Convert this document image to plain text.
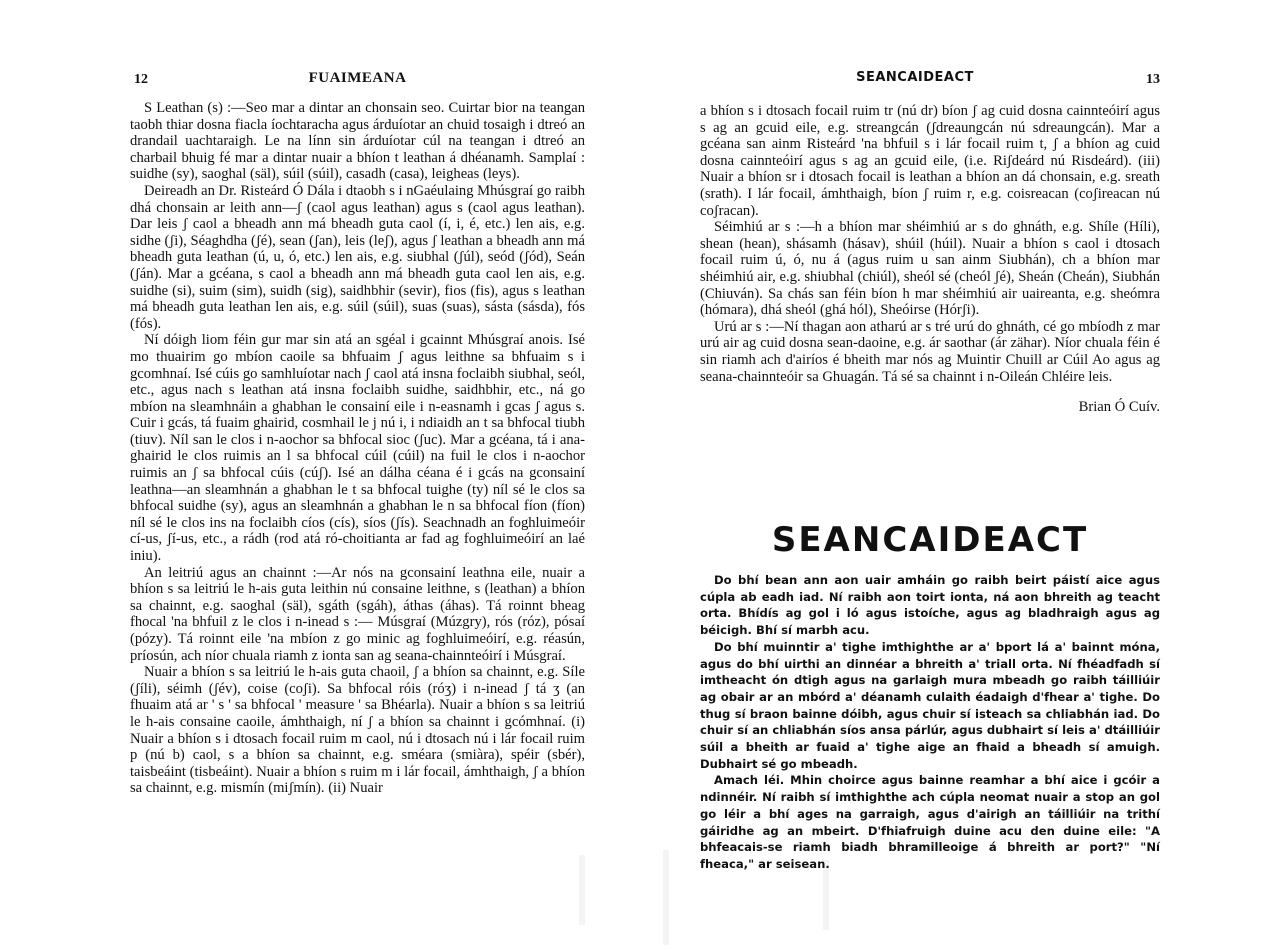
12	FUAIMEANA

S Leathan (s) :—Seo mar a dintar an chonsain seo. Cuirtar bior na teangan taobh thiar dosna fiacla íochtaracha agus árduíotar an chuid tosaigh i dtreó an drandail uachtaraigh. Le na línn sin árduíotar cúl na teangan i dtreó an charbail bhuig fé mar a dintar nuair a bhíon t leathan á dhéanamh. Samplaí : suidhe (sy), saoghal (säl), súil (súil), casadh (casa), leigheas (leys).

Deireadh an Dr. Risteárd Ó Dála i dtaobh s i nGaéulaing Mhúsgraí go raibh dhá chonsain ar leith ann—ʃ (caol agus leathan) agus s (caol agus leathan). Dar leis ʃ caol a bheadh ann má bheadh guta caol (í, i, é, etc.) len ais, e.g. sidhe (ʃi), Séaghdha (ʃé), sean (ʃan), leis (leʃ), agus ʃ leathan a bheadh ann má bheadh guta leathan (ú, u, ó, etc.) len ais, e.g. siubhal (ʃúl), seód (ʃód), Seán (ʃán). Mar a gcéana, s caol a bheadh ann má bheadh guta caol len ais, e.g. suidhe (si), suim (sim), suidh (sig), saidhbhir (sevir), fios (fis), agus s leathan má bheadh guta leathan len ais, e.g. súil (súil), suas (suas), sásta (sásda), fós (fós).

Ní dóigh liom féin gur mar sin atá an sgéal i gcainnt Mhúsgraí anois. Isé mo thuairim go mbíon caoile sa bhfuaim ʃ agus leithne sa bhfuaim s i gcomhnaí. Isé cúis go samhluíotar nach ʃ caol atá insna foclaibh siubhal, seól, etc., agus nach s leathan atá insna foclaibh suidhe, saidhbhir, etc., ná go mbíon na sleamhnáin a ghabhan le consainí eile i n-easnamh i gcas ʃ agus s. Cuir i gcás, tá fuaim ghairid, cosmhail le j nú i, i ndiaidh an t sa bhfocal tiubh (tiuv). Níl san le clos i n-aochor sa bhfocal sioc (ʃuc). Mar a gcéana, tá i ana-ghairid le clos ruimis an l sa bhfocal cúil (cúil) na fuil le clos i n-aochor ruimis an ʃ sa bhfocal cúis (cúʃ). Isé an dálha céana é i gcás na gconsainí leathna—an sleamhnán a ghabhan le t sa bhfocal tuighe (ty) níl sé le clos sa bhfocal suidhe (sy), agus an sleamhnán a ghabhan le n sa bhfocal fíon (fíon) níl sé le clos ins na foclaibh cíos (cís), síos (ʃís). Seachnadh an foghluimeóir cí-us, ʃí-us, etc., a rádh (rod atá ró-choitianta ar fad ag foghluimeóirí an laé iniu).

An leitriú agus an chainnt :—Ar nós na gconsainí leathna eile, nuair a bhíon s sa leitriú le h-ais guta leithin nú consaine leithne, s (leathan) a bhíon sa chainnt, e.g. saoghal (säl), sgáth (sgáh), áthas (áhas). Tá roinnt bheag fhocal 'na bhfuil z le clos i n-inead s :— Músgraí (Múzgry), rós (róz), pósaí (pózy). Tá roinnt eile 'na mbíon z go minic ag foghluimeóirí, e.g. réasún, príosún, ach níor chuala riamh z ionta san ag seana-chainnteóirí i Músgraí.

Nuair a bhíon s sa leitriú le h-ais guta chaoil, ʃ a bhíon sa chainnt, e.g. Síle (ʃíli), séimh (ʃév), coise (coʃi). Sa bhfocal róis (róʒ) i n-inead ʃ tá ʒ (an fhuaim atá ar ' s ' sa bhfocal ' measure ' sa Bhéarla). Nuair a bhíon s sa leitriú le h-ais consaine caoile, ámhthaigh, ní ʃ a bhíon sa chainnt i gcómhnaí. (i) Nuair a bhíon s i dtosach focail ruim m caol, nú i dtosach nú i lár focail ruim p (nú b) caol, s a bhíon sa chainnt, e.g. sméara (smiàra), spéir (sbér), taisbeáint (tisbeáint). Nuair a bhíon s ruim m i lár focail, ámhthaigh, ʃ a bhíon sa chainnt, e.g. mismín (miʃmín). (ii) Nuair

SEANCAIDEACT	13

a bhíon s i dtosach focail ruim tr (nú dr) bíon ʃ ag cuid dosna cainnteóirí agus s ag an gcuid eile, e.g. streangcán (ʃdreaungcán nú sdreaungcán). Mar a gcéana san ainm Risteárd 'na bhfuil s i lár focail ruim t, ʃ a bhíon ag cuid dosna cainnteóirí agus s ag an gcuid eile, (i.e. Riʃdeárd nú Risdeárd). (iii) Nuair a bhíon sr i dtosach focail is leathan a bhíon an dá chonsain, e.g. sreath (srath). I lár focail, ámhthaigh, bíon ʃ ruim r, e.g. coisreacan (coʃireacan nú coʃracan).

Séimhiú ar s :—h a bhíon mar shéimhiú ar s do ghnáth, e.g. Shíle (Híli), shean (hean), shásamh (hásav), shúil (húil). Nuair a bhíon s caol i dtosach focail ruim ú, ó, nu á (agus ruim u san ainm Siubhán), ch a bhíon mar shéimhiú air, e.g. shiubhal (chiúl), sheól sé (cheól ʃé), Sheán (Cheán), Siubhán (Chiuván). Sa chás san féin bíon h mar shéimhiú air uaireanta, e.g. sheómra (hómara), dhá sheól (ghá hól), Sheóirse (Hórʃi).

Urú ar s :—Ní thagan aon atharú ar s tré urú do ghnáth, cé go mbíodh z mar urú air ag cuid dosna sean-daoine, e.g. ár saothar (ár zähar). Níor chuala féin é sin riamh ach d'airíos é bheith mar nós ag Muintir Chuill ar Cúil Ao agus ag seana-chainnteóir sa Ghuagán. Tá sé sa chainnt i n-Oileán Chléire leis.

Brian Ó Cuív.
SEANCAIDEACT

Do bhí bean ann aon uair amháin go raibh beirt páistí aice agus cúpla ab eadh iad. Ní raibh aon toirt ionta, ná aon bhreith ag teacht orta. Bhídís ag gol i ló agus istoíche, agus ag bladhraigh agus ag béicigh. Bhí sí marbh acu.

Do bhí muinntir a' tighe imthighthe ar a' bport lá a' bainnt móna, agus do bhí uirthi an dinnéar a bhreith a' triall orta. Ní fhéadfadh sí imtheacht ón dtigh agus na garlaigh mura mbeadh go raibh táilliúir ag obair ar an mbórd a' déanamh culaith éadaigh d'fhear a' tighe. Do thug sí braon bainne dóibh, agus chuir sí isteach sa chliabhán iad. Do chuir sí an chliabhán síos ansa párlúr, agus dubhairt sí leis a' dtáilliúir súil a bheith ar fuaid a' tighe aige an fhaid a bheadh sí amuigh. Dubhairt sé go mbeadh.

Amach léi. Mhin choirce agus bainne reamhar a bhí aice i gcóir a ndinnéir. Ní raibh sí imthighthe ach cúpla neomat nuair a stop an gol go léir a bhí ages na garraigh, agus d'airigh an táilliúir na trithí gáiridhe ag an mbeirt. D'fhiafruigh duine acu den duine eile: "A bhfeacais-se riamh biadh bhramilleoige á bhreith ar port?" "Ní fheaca," ar seisean.
